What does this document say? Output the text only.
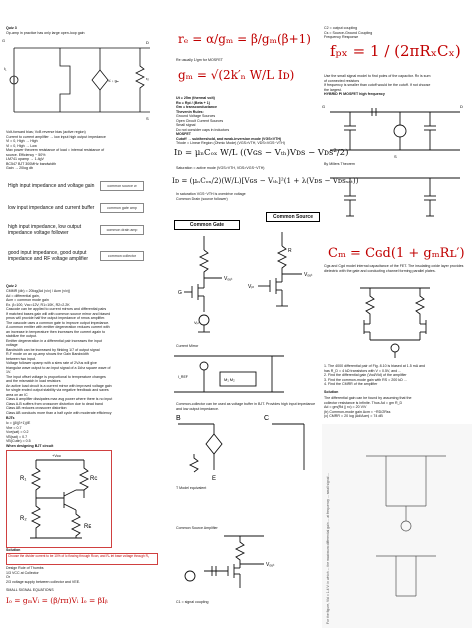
Quiz 3
Op-amp in practice has only large open-loop gain
I₁
G
Vᵢ ↓ gₘ	rₒ
D
S
Volt-forward bias; VcB reverse bias (active region)
Current to current amplifier → low input high output impedance
Vi = 0, High → High
Vi = 0, High → Low
Max power theorem resistance of load = internal resistance of
source. Efficiency ~ 50%
LM741 opamp → 1.4gV
BC547 BJT 300MHz bandwidth
Gain → 20log db
High input impedance and voltage gain	common source w

low input impedance and current buffer	common gate amp

high input impedance, low output impedance voltage follower	common drain amp

good input impedance, good output impedance and RF voltage amplifier	common collector
Quiz 2
CMMR (db) = 20log(Ad (v/v) / Acm (v/v))
Ad = differential gain,
Acm = common mode gain
Ex. β=100, Vcc=12V, R1=10K, R2=2.2K
Cascode can be applied to current mirrors and differential pairs
If matched bases gain will with common source mirror and biased
pmos will provide half the output impedance of nmos amplifier.
The cascode uses a common gate to improve output impedance.
A common emitter with emitter degeneration reduces current with
an increase in temperature then increases the current again to
stabilize the output.
Emitter degeneration in a differential pair increases the input
voltage
Bandwidth can be increased by flinking 1/7 of output signal
R-F mode on an op-amp shows the Gain Bandwidth
between two input.
Voltage follower opamp with a slew rate of 2V/us will give
triangular wave output to an input signal of a 1khz square wave of
1V.
The input offset voltage is proportional to temperature changes
and the mismatch in load resistors
An active load circuit is a current mirror with improved voltage gain
for single ended output stability via negative feedback and saves
area on an IC
Class A amplifier dissipates max avg power where there is no input
Class A-B suffers from crossover distortion due to dead band
Class AB reduces crossover distortion
Class AB conducts more than a half cycle with moderate efficiency
BJTs
Ic = (β/(β+1))IE
Vbe = 0.7
Vce(sat) = 0.2
VB(sat) = 0.7
VB(Cutin) = 0.5
When designing BJT circuit
+Vcc
R₁	Rc
R₂
Rᴇ
Solution
Choose the divider current to be 10% of Ic flowing through Rcon, and Rₑ let base voltage through R₂
Design Rule of Thumbs
1/3 VCC at Collector
Or
2/3 voltage supply between collector and VEE.
SMALL SIGNAL EQUATIONS
Iₒ = gₘVᵢ = (β/rπ)Vᵢ Iₒ = βIᵦ
rₑ = α/gₘ = β/gₘ(β+1)
Re usually 1/gm for MOSFET
gₘ = √(2k′ₙ W/L Iᴅ)
Ut = 25m (thermal volt)
Ro = Rpi / (Beta + 1)
Gm = transconductance
Thevenin Rules:
Ground Voltage Sources
Open Circuit Current Sources
Small signal
Do not consider caps in inductors
MOSFET
Cutoff → subthreshold, and weak-inversion mode (VGS<VTH)
Triode = Linear Region (Ohmic Mode) (VGS>VTH, VDS<VGS−VTH)
Iᴅ = μₙCₒₓ W/L ((Vɢs − Vₜₕ)Vᴅs − Vᴅs²/2)
Saturation = active mode (VGS>VTH, VDS>VGS−VTH)
Iᴅ = (μₙCₒₓ/2)(W/L)[Vɢs − Vₜₕ]²(1 + λ(Vᴅs − Vᴅsₛₐₜ))
In saturation VGS−VTH is overdrive voltage
Common Drain (source follower)
Common Gate
Common Source
G
Vₒᵤₜ
Vᵢₙ
R
Vᵢₙ
Vₒᵤₜ
Current Mirror
M₁ M₂
I_REF
Common-collector can be used as voltage buffer in BJT. Provides high input impedance and low output impedance.
B	C
E
T Model equivalent
Common Source Amplifier
Vₒᵤₜ
C1 = signal coupling
C2 = output coupling
Cs = Source-Ground Coupling
Frequency Response
fₚₓ = 1 / (2πRₓCₓ)
Use the small signal model to find poles of the capacitor. Rx is sum
of connected resistors
If frequency is smaller than cutoff would be the cutoff. If not choose
the largest.
HYBRID PI MOSFET high frequency
G	D
S
By Millers Theorem
Cₘ = Cɢd(1 + gₘRʟ′)
Cgs and Cgd model internal capacitance of the FET. The insulating oxide layer provides dielectric with the gate and conducting channel forming parallel plates.
1. The 4000 differential pair of Fig. 8.10 is biased at 1.5 mA and
has R_D = 4 kΩ transistors with V = 0.5V, and ...
2. Find the differential gain (Vod/Vid) of the amplifier
3. Find the common-mode gain with RS = 200 kΩ ...
4. Find the CMRR of the amplifier
Solution
The differential gain can be found by assuming that the
collector resistance is infinite. Thus Ad = gm R_D
Ad = gm(Rd || ro) = 20 V/V
(b) Common-mode gain Acm ≈ −RD/2Rss
(c) CMRR = 20 log |Ad/Acm| = 74 dB
For the figure, Vid = 1.4 V: in which ... the maximum differential gain ... at frequency ... small signal ...
